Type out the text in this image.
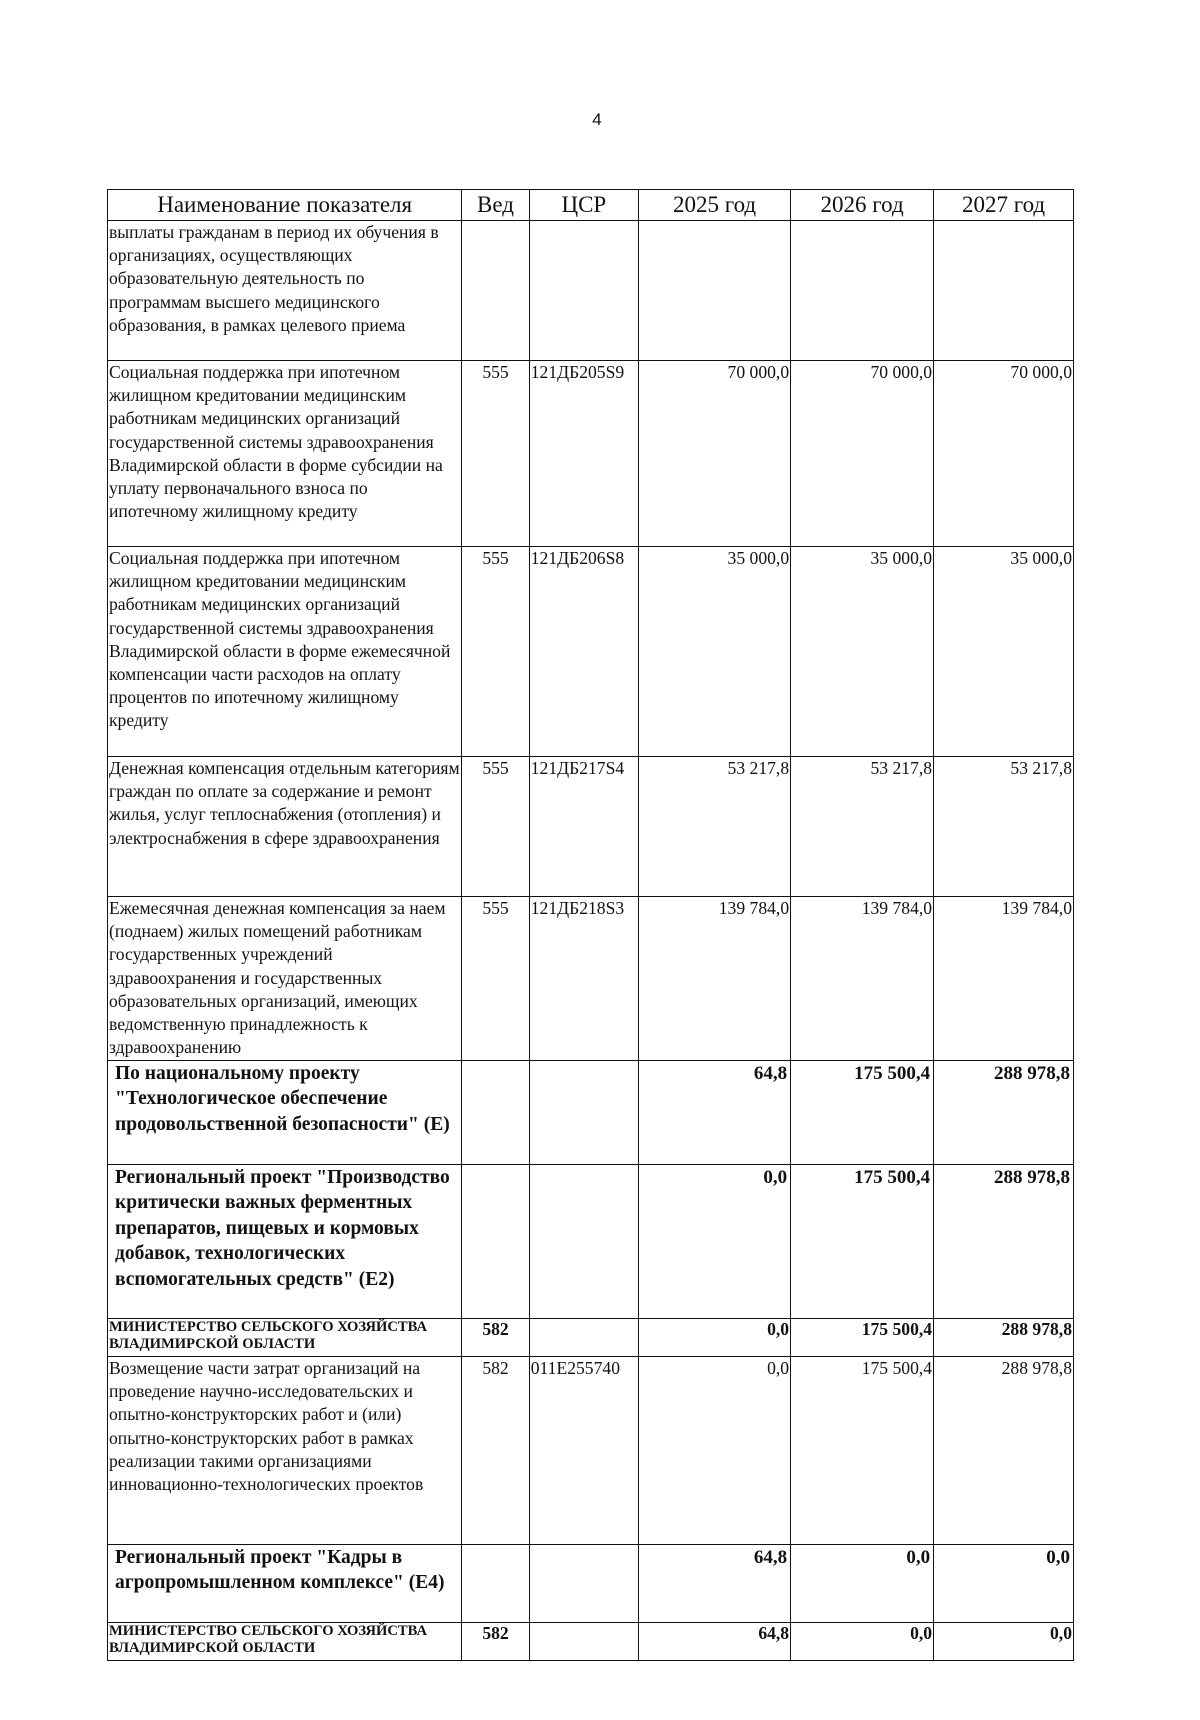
4
Наименование показателя	Вед	ЦСР	2025 год	2026 год	2027 год
выплаты гражданам в период их обучения в организациях, осуществляющих образовательную деятельность по программам высшего медицинского образования, в рамках целевого приема					
Социальная поддержка при ипотечном жилищном кредитовании медицинским работникам медицинских организаций государственной системы здравоохранения Владимирской области в форме субсидии на уплату первоначального взноса по ипотечному жилищному кредиту	555	121ДБ205S9	70 000,0	70 000,0	70 000,0
Социальная поддержка при ипотечном жилищном кредитовании медицинским работникам медицинских организаций государственной системы здравоохранения Владимирской области в форме ежемесячной компенсации части расходов на оплату процентов по ипотечному жилищному кредиту	555	121ДБ206S8	35 000,0	35 000,0	35 000,0
Денежная компенсация отдельным категориям граждан по оплате за содержание и ремонт жилья, услуг теплоснабжения (отопления) и электроснабжения в сфере здравоохранения	555	121ДБ217S4	53 217,8	53 217,8	53 217,8
Ежемесячная денежная компенсация за наем (поднаем) жилых помещений работникам государственных учреждений здравоохранения и государственных образовательных организаций, имеющих ведомственную принадлежность к здравоохранению	555	121ДБ218S3	139 784,0	139 784,0	139 784,0
По национальному проекту "Технологическое обеспечение продовольственной безопасности" (Е)			64,8	175 500,4	288 978,8
Региональный проект "Производство критически важных ферментных препаратов, пищевых и кормовых добавок, технологических вспомогательных средств" (Е2)			0,0	175 500,4	288 978,8
МИНИСТЕРСТВО СЕЛЬСКОГО ХОЗЯЙСТВА ВЛАДИМИРСКОЙ ОБЛАСТИ	582		0,0	175 500,4	288 978,8
Возмещение части затрат организаций на проведение научно-исследовательских и опытно-конструкторских работ и (или) опытно-конструкторских работ в рамках реализации такими организациями инновационно-технологических проектов	582	011Е255740	0,0	175 500,4	288 978,8
Региональный проект "Кадры в агропромышленном комплексе" (Е4)			64,8	0,0	0,0
МИНИСТЕРСТВО СЕЛЬСКОГО ХОЗЯЙСТВА ВЛАДИМИРСКОЙ ОБЛАСТИ	582		64,8	0,0	0,0
